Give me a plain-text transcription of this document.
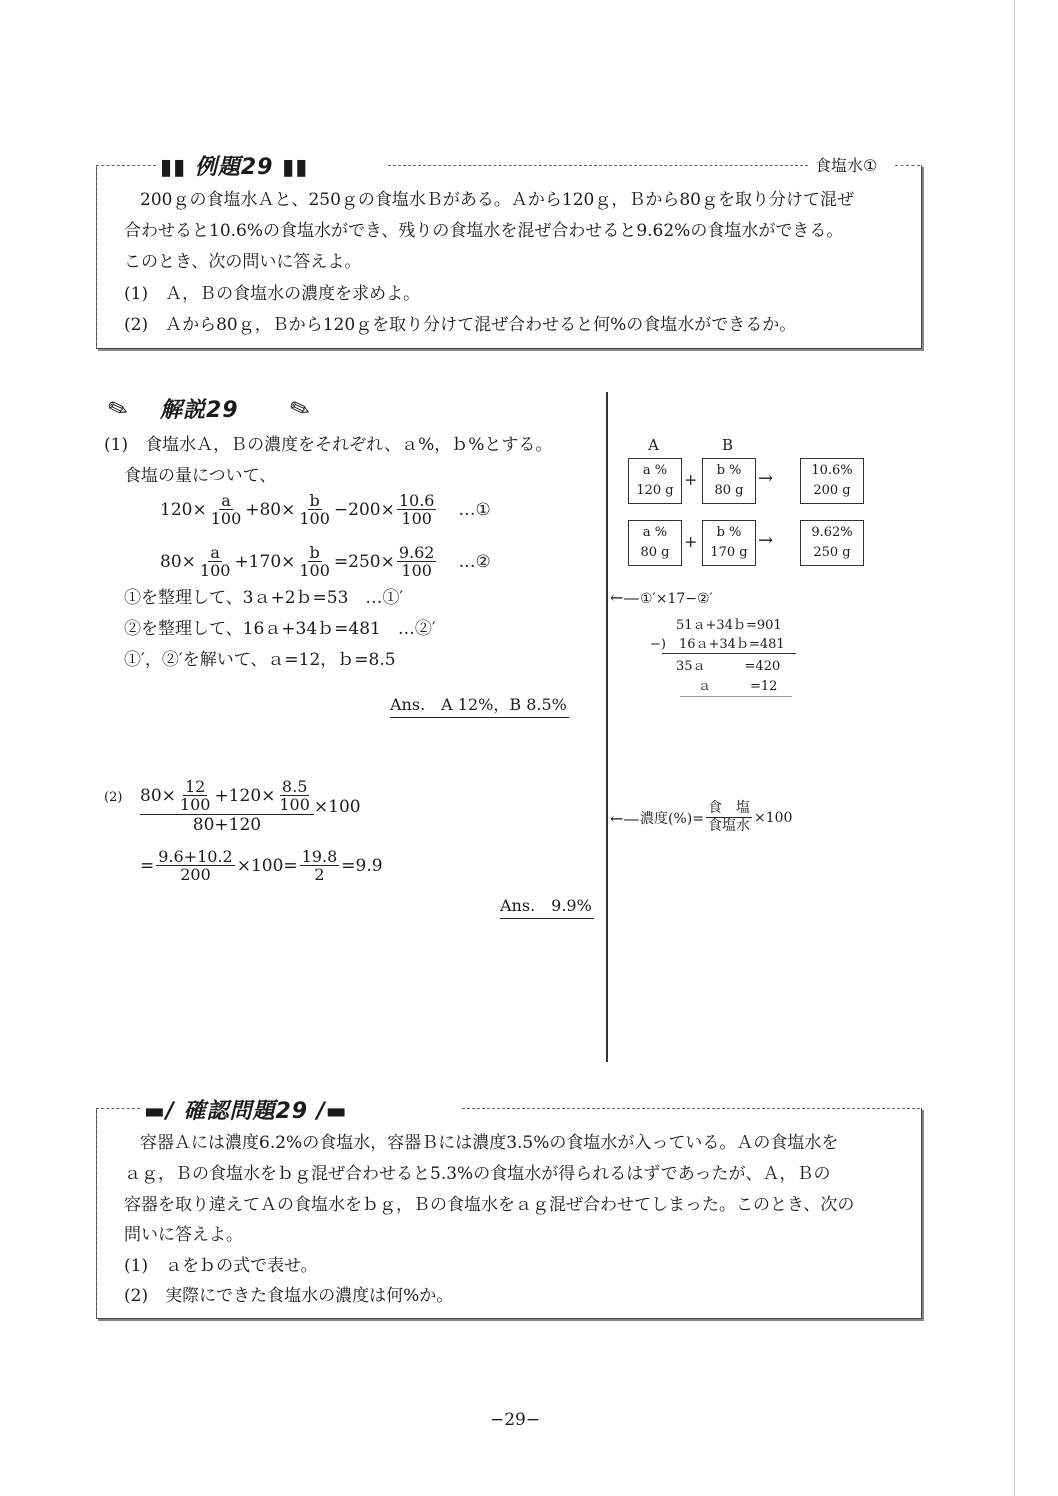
▮▮ 例題29 ▮▮	食塩水①
200ｇの食塩水Ａと、250ｇの食塩水Ｂがある。Ａから120ｇ，Ｂから80ｇを取り分けて混ぜ
合わせると10.6%の食塩水ができ、残りの食塩水を混ぜ合わせると9.62%の食塩水ができる。
このとき、次の問いに答えよ。
(1)　Ａ，Ｂの食塩水の濃度を求めよ。
(2)　Ａから80ｇ，Ｂから120ｇを取り分けて混ぜ合わせると何%の食塩水ができるか。
✎ 解説29 ✎
(1)　食塩水Ａ，Ｂの濃度をそれぞれ、ａ%，ｂ%とする。
食塩の量について、
$120\times \frac{a}{100} +80\times \frac{b}{100} -200\times \frac{10.6}{100}$ …①
$80\times \frac{a}{100} +170\times \frac{b}{100} =250\times \frac{9.62}{100}$ …②
①を整理して、3ａ+2ｂ=53　…①′
②を整理して、16ａ+34ｂ=481　…②′
①′，②′を解いて、ａ=12，ｂ=8.5
Ans.　A 12%，B 8.5%
$(2) \frac{80\times \frac{12}{100} +120\times \frac{8.5}{100}}{80+120} \times 100$
= $\frac{9.6+10.2}{200} \times 100= \frac{19.8}{2} =9.9$
Ans.　9.9%
A	B
a %
120 g
+	b %
80 g
→	10.6%
200 g
a %
80 g
+	b %
170 g
→	9.62%
250 g
←— ①′×17−②′
51ａ+34ｂ=901
−)　16ａ+34ｂ=481
35ａ　　　=420
ａ　　　=12
←— 濃度(%)= $\frac{\text{食　塩}}{\text{食塩水}} \times 100$
▬/ 確認問題29 /▬
容器Ａには濃度6.2%の食塩水，容器Ｂには濃度3.5%の食塩水が入っている。Ａの食塩水を
ａｇ，Ｂの食塩水をｂｇ混ぜ合わせると5.3%の食塩水が得られるはずであったが、Ａ，Ｂの
容器を取り違えてＡの食塩水をｂｇ，Ｂの食塩水をａｇ混ぜ合わせてしまった。このとき、次の
問いに答えよ。
(1)　ａをｂの式で表せ。
(2)　実際にできた食塩水の濃度は何%か。
−29−
